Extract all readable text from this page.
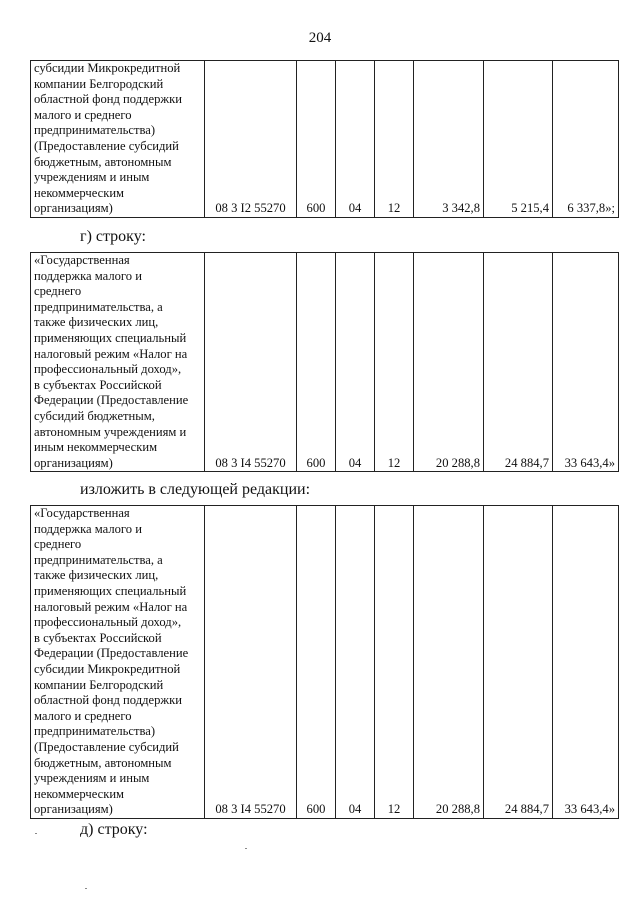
204
субсидии Микрокредитной
компании Белгородский
областной фонд поддержки
малого и среднего
предпринимательства)
(Предоставление субсидий
бюджетным, автономным
учреждениям и иным
некоммерческим
организациям)	08 3 I2 55270	600	04	12	3 342,8	5 215,4	6 337,8»;
г) строку:
«Государственная
поддержка малого и
среднего
предпринимательства, а
также физических лиц,
применяющих специальный
налоговый режим «Налог на
профессиональный доход»,
в субъектах Российской
Федерации (Предоставление
субсидий бюджетным,
автономным учреждениям и
иным некоммерческим
организациям)	08 3 I4 55270	600	04	12	20 288,8	24 884,7	33 643,4»
изложить в следующей редакции:
«Государственная
поддержка малого и
среднего
предпринимательства, а
также физических лиц,
применяющих специальный
налоговый режим «Налог на
профессиональный доход»,
в субъектах Российской
Федерации (Предоставление
субсидии Микрокредитной
компании Белгородский
областной фонд поддержки
малого и среднего
предпринимательства)
(Предоставление субсидий
бюджетным, автономным
учреждениям и иным
некоммерческим
организациям)	08 3 I4 55270	600	04	12	20 288,8	24 884,7	33 643,4»
д) строку:
